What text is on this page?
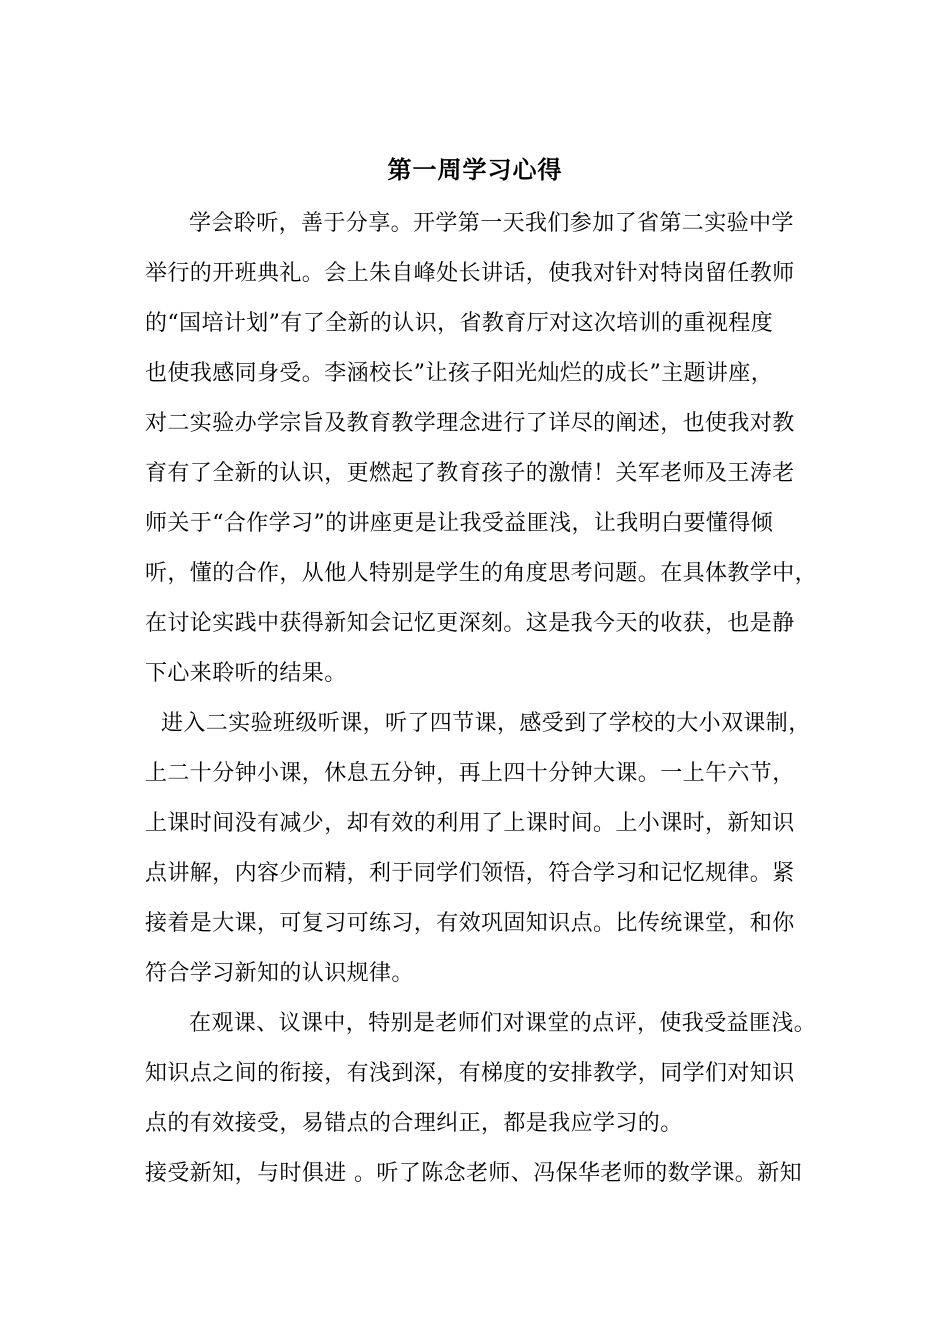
第一周学习心得
学会聆听，善于分享。开学第一天我们参加了省第二实验中学
举行的开班典礼。会上朱自峰处长讲话，使我对针对特岗留任教师
的“国培计划”有了全新的认识，省教育厅对这次培训的重视程度
也使我感同身受。李涵校长”让孩子阳光灿烂的成长”主题讲座，
对二实验办学宗旨及教育教学理念进行了详尽的阐述，也使我对教
育有了全新的认识，更燃起了教育孩子的激情！关军老师及王涛老
师关于“合作学习”的讲座更是让我受益匪浅，让我明白要懂得倾
听，懂的合作，从他人特别是学生的角度思考问题。在具体教学中，
在讨论实践中获得新知会记忆更深刻。这是我今天的收获，也是静
下心来聆听的结果。
进入二实验班级听课，听了四节课，感受到了学校的大小双课制，
上二十分钟小课，休息五分钟，再上四十分钟大课。一上午六节，
上课时间没有减少，却有效的利用了上课时间。上小课时，新知识
点讲解，内容少而精，利于同学们领悟，符合学习和记忆规律。紧
接着是大课，可复习可练习，有效巩固知识点。比传统课堂，和你
符合学习新知的认识规律。
在观课、议课中，特别是老师们对课堂的点评，使我受益匪浅。
知识点之间的衔接，有浅到深，有梯度的安排教学，同学们对知识
点的有效接受，易错点的合理纠正，都是我应学习的。
接受新知，与时俱进 。听了陈念老师、冯保华老师的数学课。新知
